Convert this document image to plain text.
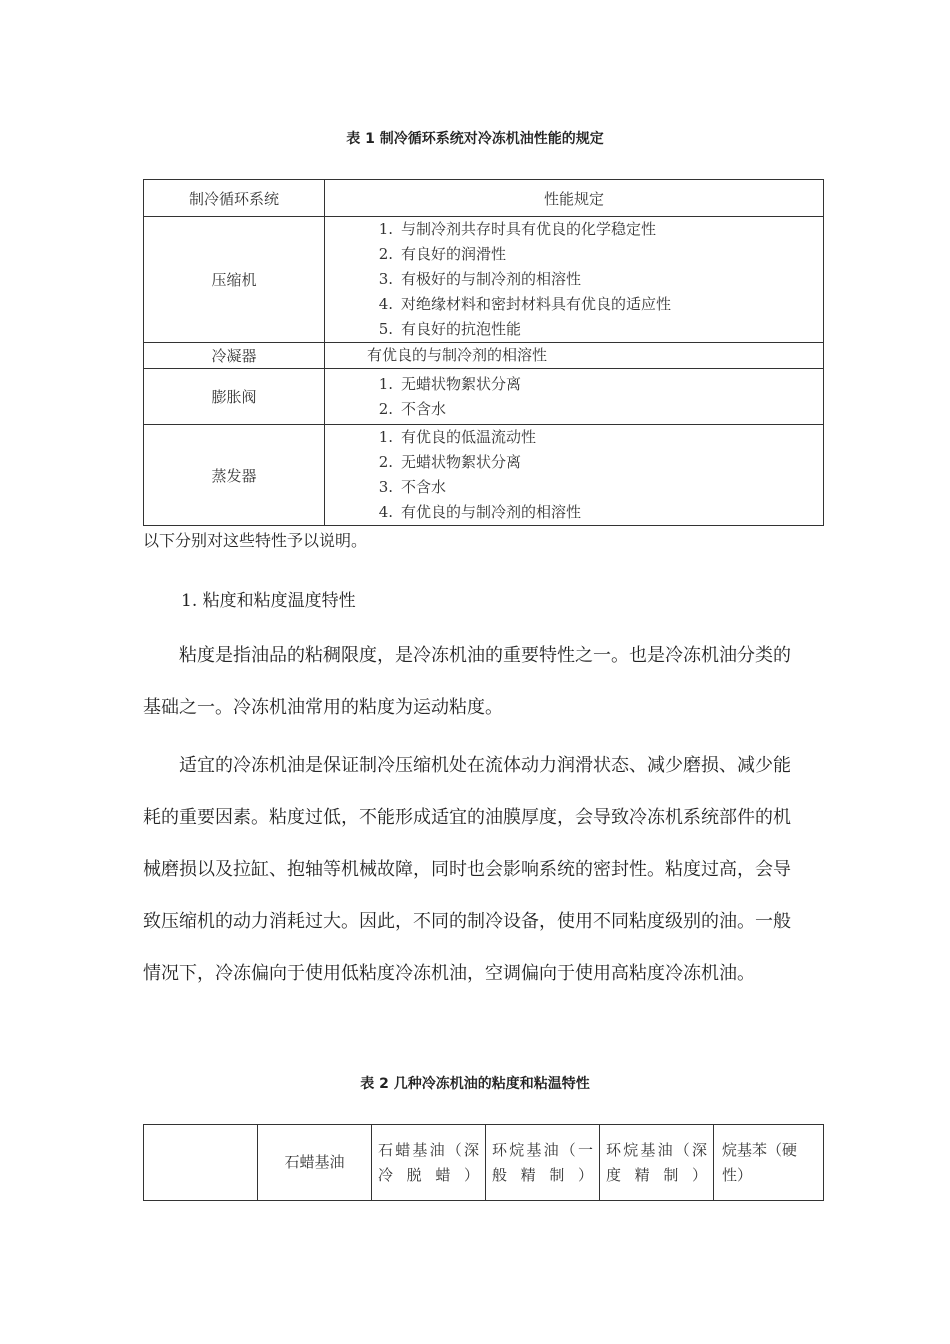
表 1 制冷循环系统对冷冻机油性能的规定
制冷循环系统	性能规定
压缩机	1. 与制冷剂共存时具有优良的化学稳定性
2. 有良好的润滑性
3. 有极好的与制冷剂的相溶性
4. 对绝缘材料和密封材料具有优良的适应性
5. 有良好的抗泡性能

冷凝器	有优良的与制冷剂的相溶性
膨胀阀	1. 无蜡状物絮状分离
2. 不含水

蒸发器	1. 有优良的低温流动性
2. 无蜡状物絮状分离
3. 不含水
4. 有优良的与制冷剂的相溶性
以下分别对这些特性予以说明。
1. 粘度和粘度温度特性

粘度是指油品的粘稠限度，是冷冻机油的重要特性之一。也是冷冻机油分类的基础之一。冷冻机油常用的粘度为运动粘度。

适宜的冷冻机油是保证制冷压缩机处在流体动力润滑状态、减少磨损、减少能耗的重要因素。粘度过低，不能形成适宜的油膜厚度，会导致冷冻机系统部件的机械磨损以及拉缸、抱轴等机械故障，同时也会影响系统的密封性。粘度过高，会导致压缩机的动力消耗过大。因此，不同的制冷设备，使用不同粘度级别的油。一般情况下，冷冻偏向于使用低粘度冷冻机油，空调偏向于使用高粘度冷冻机油。

表 2 几种冷冻机油的粘度和粘温特性
	石蜡基油	石蜡基油（深冷脱蜡）	环烷基油（一般精制）	环烷基油（深度精制）	烷基苯（硬性）
